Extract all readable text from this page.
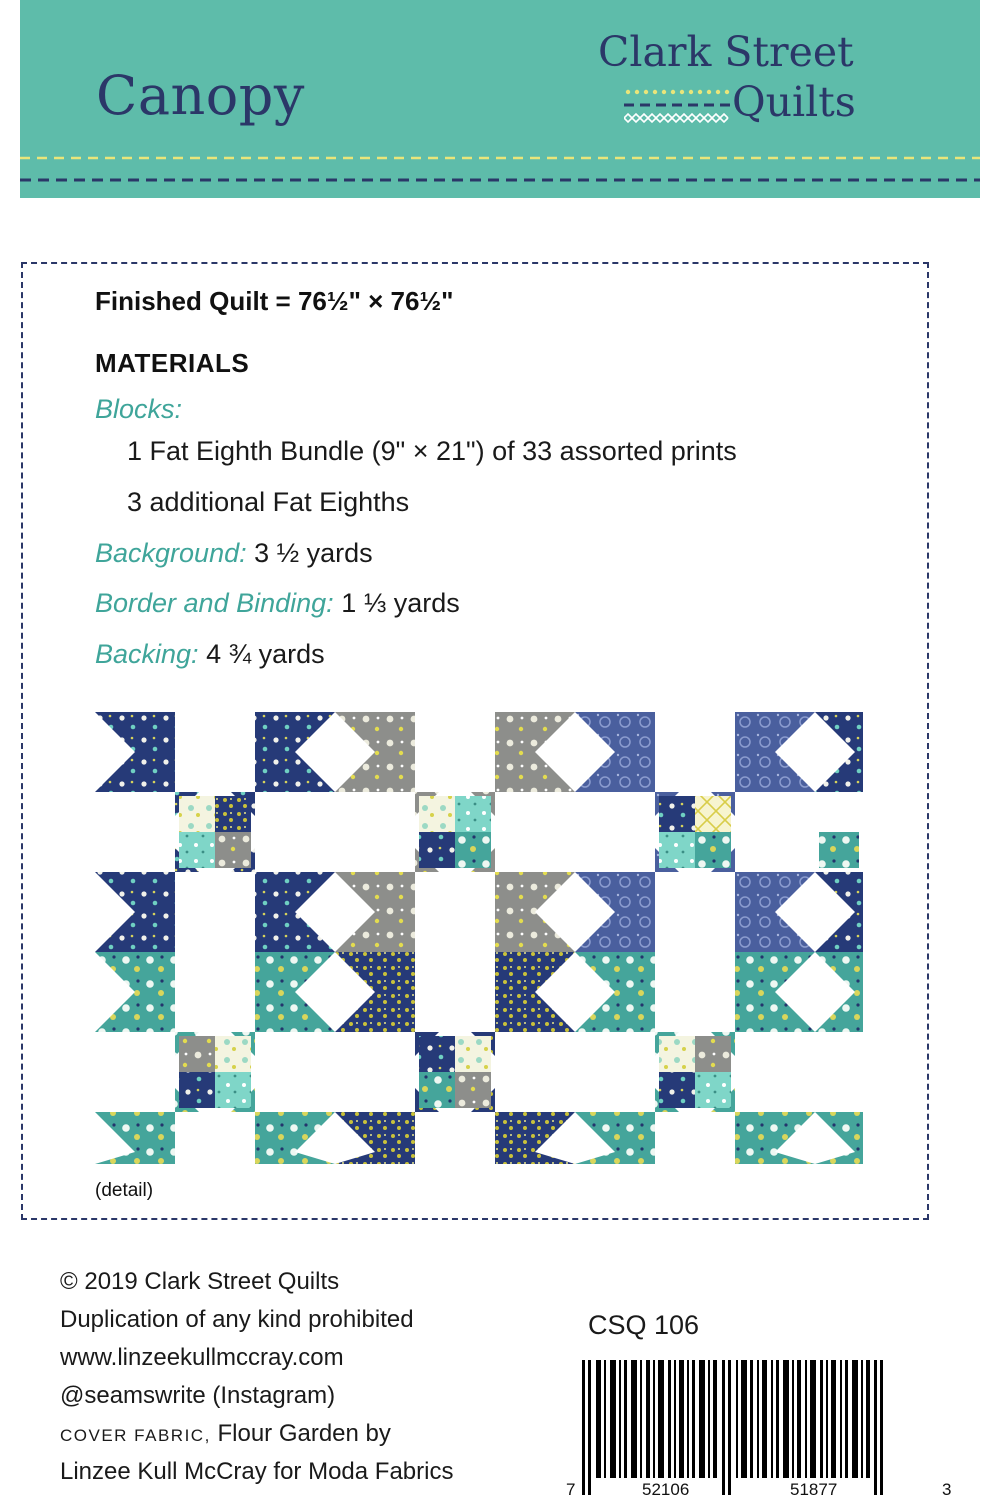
Canopy
Clark Street
Quilts

Finished Quilt = 76½" × 76½"

MATERIALS
Blocks:
1 Fat Eighth Bundle (9" × 21") of 33 assorted prints
3 additional Fat Eighths
Background: 3 ½ yards
Border and Binding: 1 ⅓ yards
Backing: 4 ¾ yards
(detail)
© 2019 Clark Street Quilts
Duplication of any kind prohibited
www.linzeekullmccray.com
@seamswrite (Instagram)
COVER FABRIC, Flour Garden by
Linzee Kull McCray for Moda Fabrics
CSQ 106
7	52106	51877	3
